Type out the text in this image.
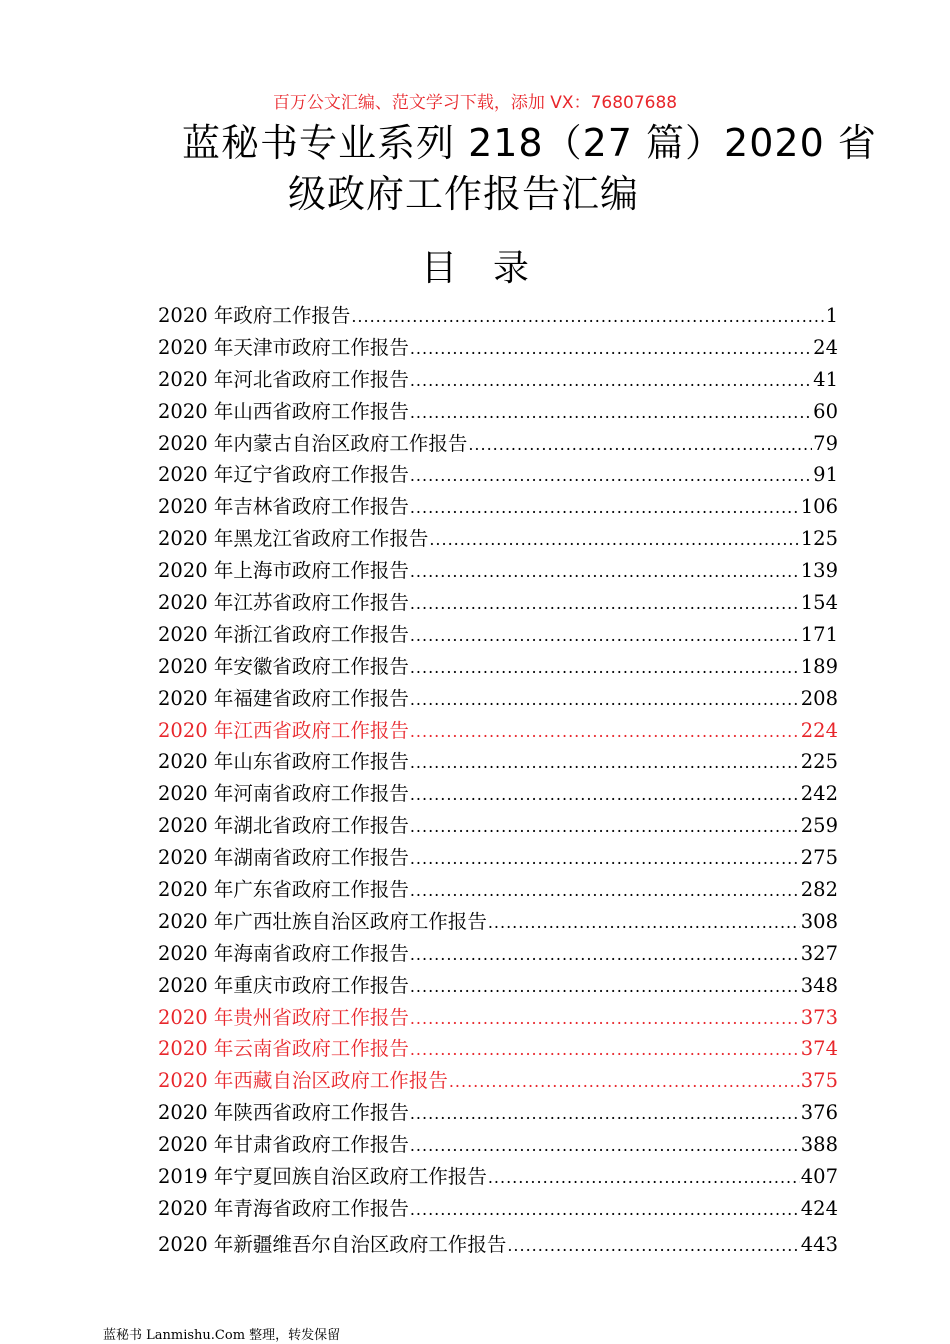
百万公文汇编、范文学习下载，添加 VX：76807688
蓝秘书专业系列 218（27 篇）2020 省
级政府工作报告汇编
目录
2020 年政府工作报告 .....	1
2020 年天津市政府工作报告 .....	24
2020 年河北省政府工作报告 .....	41
2020 年山西省政府工作报告 .....	60
2020 年内蒙古自治区政府工作报告 .....	79
2020 年辽宁省政府工作报告 .....	91
2020 年吉林省政府工作报告 .....	106
2020 年黑龙江省政府工作报告 .....	125
2020 年上海市政府工作报告 .....	139
2020 年江苏省政府工作报告 .....	154
2020 年浙江省政府工作报告 .....	171
2020 年安徽省政府工作报告 .....	189
2020 年福建省政府工作报告 .....	208
2020 年江西省政府工作报告 .....	224
2020 年山东省政府工作报告 .....	225
2020 年河南省政府工作报告 .....	242
2020 年湖北省政府工作报告 .....	259
2020 年湖南省政府工作报告 .....	275
2020 年广东省政府工作报告 .....	282
2020 年广西壮族自治区政府工作报告 .....	308
2020 年海南省政府工作报告 .....	327
2020 年重庆市政府工作报告 .....	348
2020 年贵州省政府工作报告 .....	373
2020 年云南省政府工作报告 .....	374
2020 年西藏自治区政府工作报告 .....	375
2020 年陕西省政府工作报告 .....	376
2020 年甘肃省政府工作报告 .....	388
2019 年宁夏回族自治区政府工作报告 .....	407
2020 年青海省政府工作报告 .....	424
2020 年新疆维吾尔自治区政府工作报告 .....	443
蓝秘书 Lanmishu.Com 整理，转发保留
